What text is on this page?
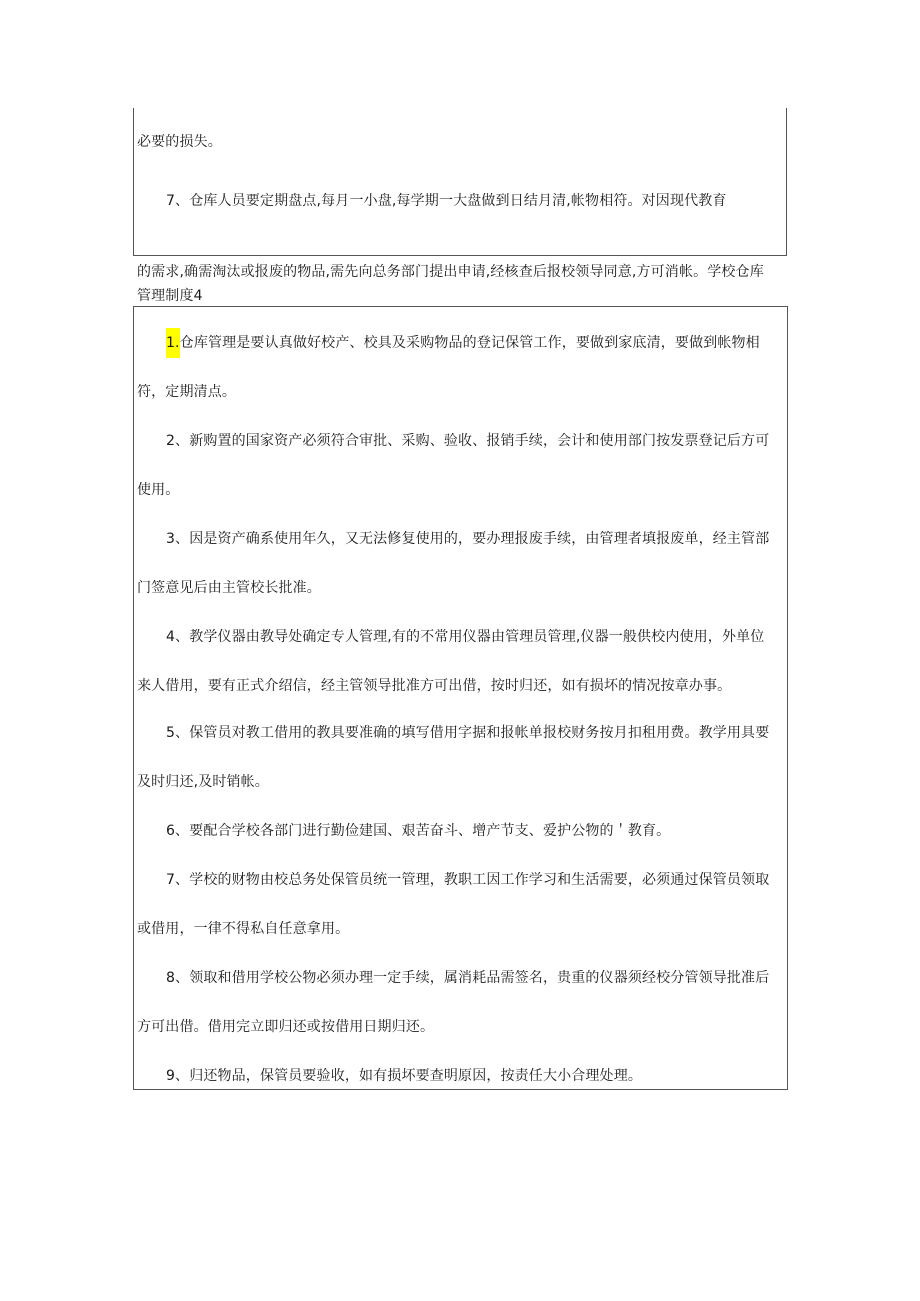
必要的损失。
7、仓库人员要定期盘点,每月一小盘,每学期一大盘做到日结月清,帐物相符。对因现代教育
的需求,确需淘汰或报废的物品,需先向总务部门提出申请,经核查后报校领导同意,方可消帐。学校仓库
管理制度4
1.仓库管理是要认真做好校产、校具及采购物品的登记保管工作，要做到家底清，要做到帐物相
符，定期清点。
2、新购置的国家资产必须符合审批、采购、验收、报销手续，会计和使用部门按发票登记后方可
使用。
3、因是资产确系使用年久，又无法修复使用的，要办理报废手续，由管理者填报废单，经主管部
门签意见后由主管校长批准。
4、教学仪器由教导处确定专人管理,有的不常用仪器由管理员管理,仪器一般供校内使用，外单位
来人借用，要有正式介绍信，经主管领导批准方可出借，按时归还，如有损坏的情况按章办事。
5、保管员对教工借用的教具要准确的填写借用字据和报帐单报校财务按月扣租用费。教学用具要
及时归还,及时销帐。
6、要配合学校各部门进行勤俭建国、艰苦奋斗、增产节支、爱护公物的＇教育。
7、学校的财物由校总务处保管员统一管理，教职工因工作学习和生活需要，必须通过保管员领取
或借用，一律不得私自任意拿用。
8、领取和借用学校公物必须办理一定手续，属消耗品需签名，贵重的仪器须经校分管领导批准后
方可出借。借用完立即归还或按借用日期归还。
9、归还物品，保管员要验收，如有损坏要查明原因，按责任大小合理处理。
